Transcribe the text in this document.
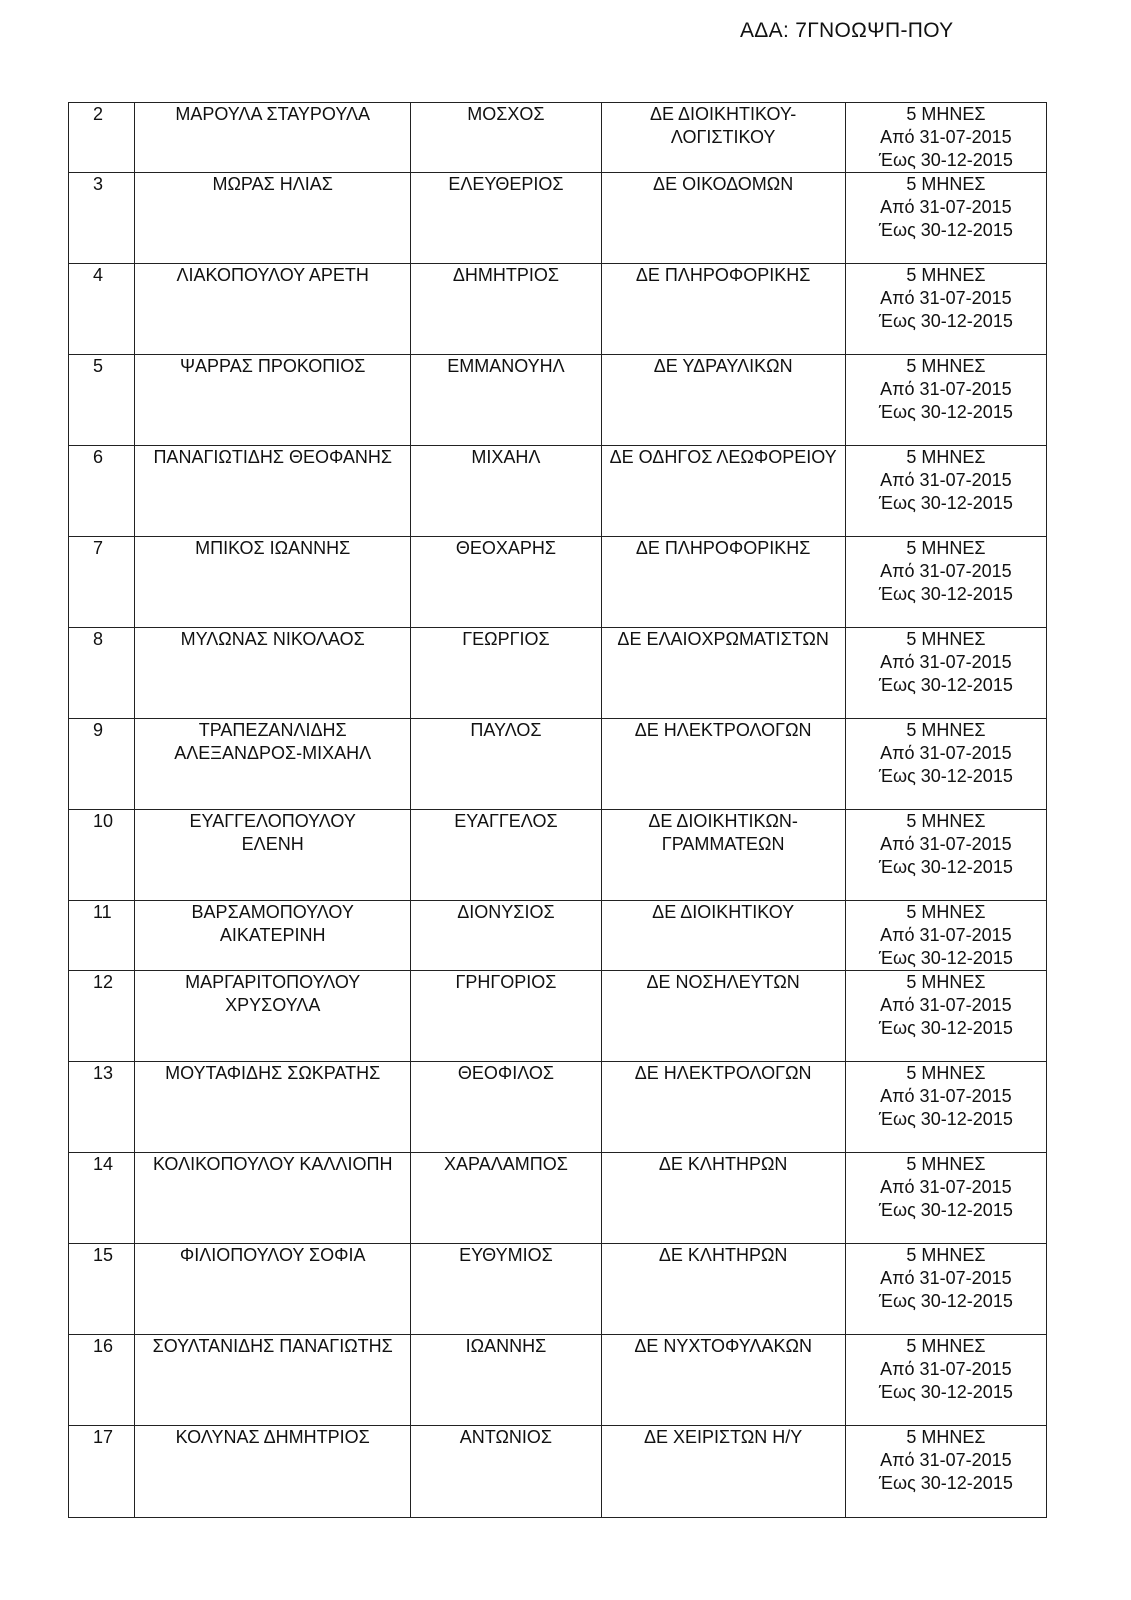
ΑΔΑ: 7ΓΝΟΩΨΠ-ΠΟΥ
2	ΜΑΡΟΥΛΑ ΣΤΑΥΡΟΥΛΑ	ΜΟΣΧΟΣ	ΔΕ ΔΙΟΙΚΗΤΙΚΟΥ-
ΛΟΓΙΣΤΙΚΟΥ	5 ΜΗΝΕΣ
Από 31-07-2015
Έως 30-12-2015
3	ΜΩΡΑΣ ΗΛΙΑΣ	ΕΛΕΥΘΕΡΙΟΣ	ΔΕ ΟΙΚΟΔΟΜΩΝ	5 ΜΗΝΕΣ
Από 31-07-2015
Έως 30-12-2015
4	ΛΙΑΚΟΠΟΥΛΟΥ ΑΡΕΤΗ	ΔΗΜΗΤΡΙΟΣ	ΔΕ ΠΛΗΡΟΦΟΡΙΚΗΣ	5 ΜΗΝΕΣ
Από 31-07-2015
Έως 30-12-2015
5	ΨΑΡΡΑΣ ΠΡΟΚΟΠΙΟΣ	ΕΜΜΑΝΟΥΗΛ	ΔΕ ΥΔΡΑΥΛΙΚΩΝ	5 ΜΗΝΕΣ
Από 31-07-2015
Έως 30-12-2015
6	ΠΑΝΑΓΙΩΤΙΔΗΣ ΘΕΟΦΑΝΗΣ	ΜΙΧΑΗΛ	ΔΕ ΟΔΗΓΟΣ ΛΕΩΦΟΡΕΙΟΥ	5 ΜΗΝΕΣ
Από 31-07-2015
Έως 30-12-2015
7	ΜΠΙΚΟΣ ΙΩΑΝΝΗΣ	ΘΕΟΧΑΡΗΣ	ΔΕ ΠΛΗΡΟΦΟΡΙΚΗΣ	5 ΜΗΝΕΣ
Από 31-07-2015
Έως 30-12-2015
8	ΜΥΛΩΝΑΣ ΝΙΚΟΛΑΟΣ	ΓΕΩΡΓΙΟΣ	ΔΕ ΕΛΑΙΟΧΡΩΜΑΤΙΣΤΩΝ	5 ΜΗΝΕΣ
Από 31-07-2015
Έως 30-12-2015
9	ΤΡΑΠΕΖΑΝΛΙΔΗΣ
ΑΛΕΞΑΝΔΡΟΣ-ΜΙΧΑΗΛ	ΠΑΥΛΟΣ	ΔΕ ΗΛΕΚΤΡΟΛΟΓΩΝ	5 ΜΗΝΕΣ
Από 31-07-2015
Έως 30-12-2015
10	ΕΥΑΓΓΕΛΟΠΟΥΛΟΥ
ΕΛΕΝΗ	ΕΥΑΓΓΕΛΟΣ	ΔΕ ΔΙΟΙΚΗΤΙΚΩΝ-
ΓΡΑΜΜΑΤΕΩΝ	5 ΜΗΝΕΣ
Από 31-07-2015
Έως 30-12-2015
11	ΒΑΡΣΑΜΟΠΟΥΛΟΥ
ΑΙΚΑΤΕΡΙΝΗ	ΔΙΟΝΥΣΙΟΣ	ΔΕ ΔΙΟΙΚΗΤΙΚΟΥ	5 ΜΗΝΕΣ
Από 31-07-2015
Έως 30-12-2015
12	ΜΑΡΓΑΡΙΤΟΠΟΥΛΟΥ
ΧΡΥΣΟΥΛΑ	ΓΡΗΓΟΡΙΟΣ	ΔΕ ΝΟΣΗΛΕΥΤΩΝ	5 ΜΗΝΕΣ
Από 31-07-2015
Έως 30-12-2015
13	ΜΟΥΤΑΦΙΔΗΣ ΣΩΚΡΑΤΗΣ	ΘΕΟΦΙΛΟΣ	ΔΕ ΗΛΕΚΤΡΟΛΟΓΩΝ	5 ΜΗΝΕΣ
Από 31-07-2015
Έως 30-12-2015
14	ΚΟΛΙΚΟΠΟΥΛΟΥ ΚΑΛΛΙΟΠΗ	ΧΑΡΑΛΑΜΠΟΣ	ΔΕ ΚΛΗΤΗΡΩΝ	5 ΜΗΝΕΣ
Από 31-07-2015
Έως 30-12-2015
15	ΦΙΛΙΟΠΟΥΛΟΥ ΣΟΦΙΑ	ΕΥΘΥΜΙΟΣ	ΔΕ ΚΛΗΤΗΡΩΝ	5 ΜΗΝΕΣ
Από 31-07-2015
Έως 30-12-2015
16	ΣΟΥΛΤΑΝΙΔΗΣ ΠΑΝΑΓΙΩΤΗΣ	ΙΩΑΝΝΗΣ	ΔΕ ΝΥΧΤΟΦΥΛΑΚΩΝ	5 ΜΗΝΕΣ
Από 31-07-2015
Έως 30-12-2015
17	ΚΟΛΥΝΑΣ ΔΗΜΗΤΡΙΟΣ	ΑΝΤΩΝΙΟΣ	ΔΕ ΧΕΙΡΙΣΤΩΝ Η/Υ	5 ΜΗΝΕΣ
Από 31-07-2015
Έως 30-12-2015
